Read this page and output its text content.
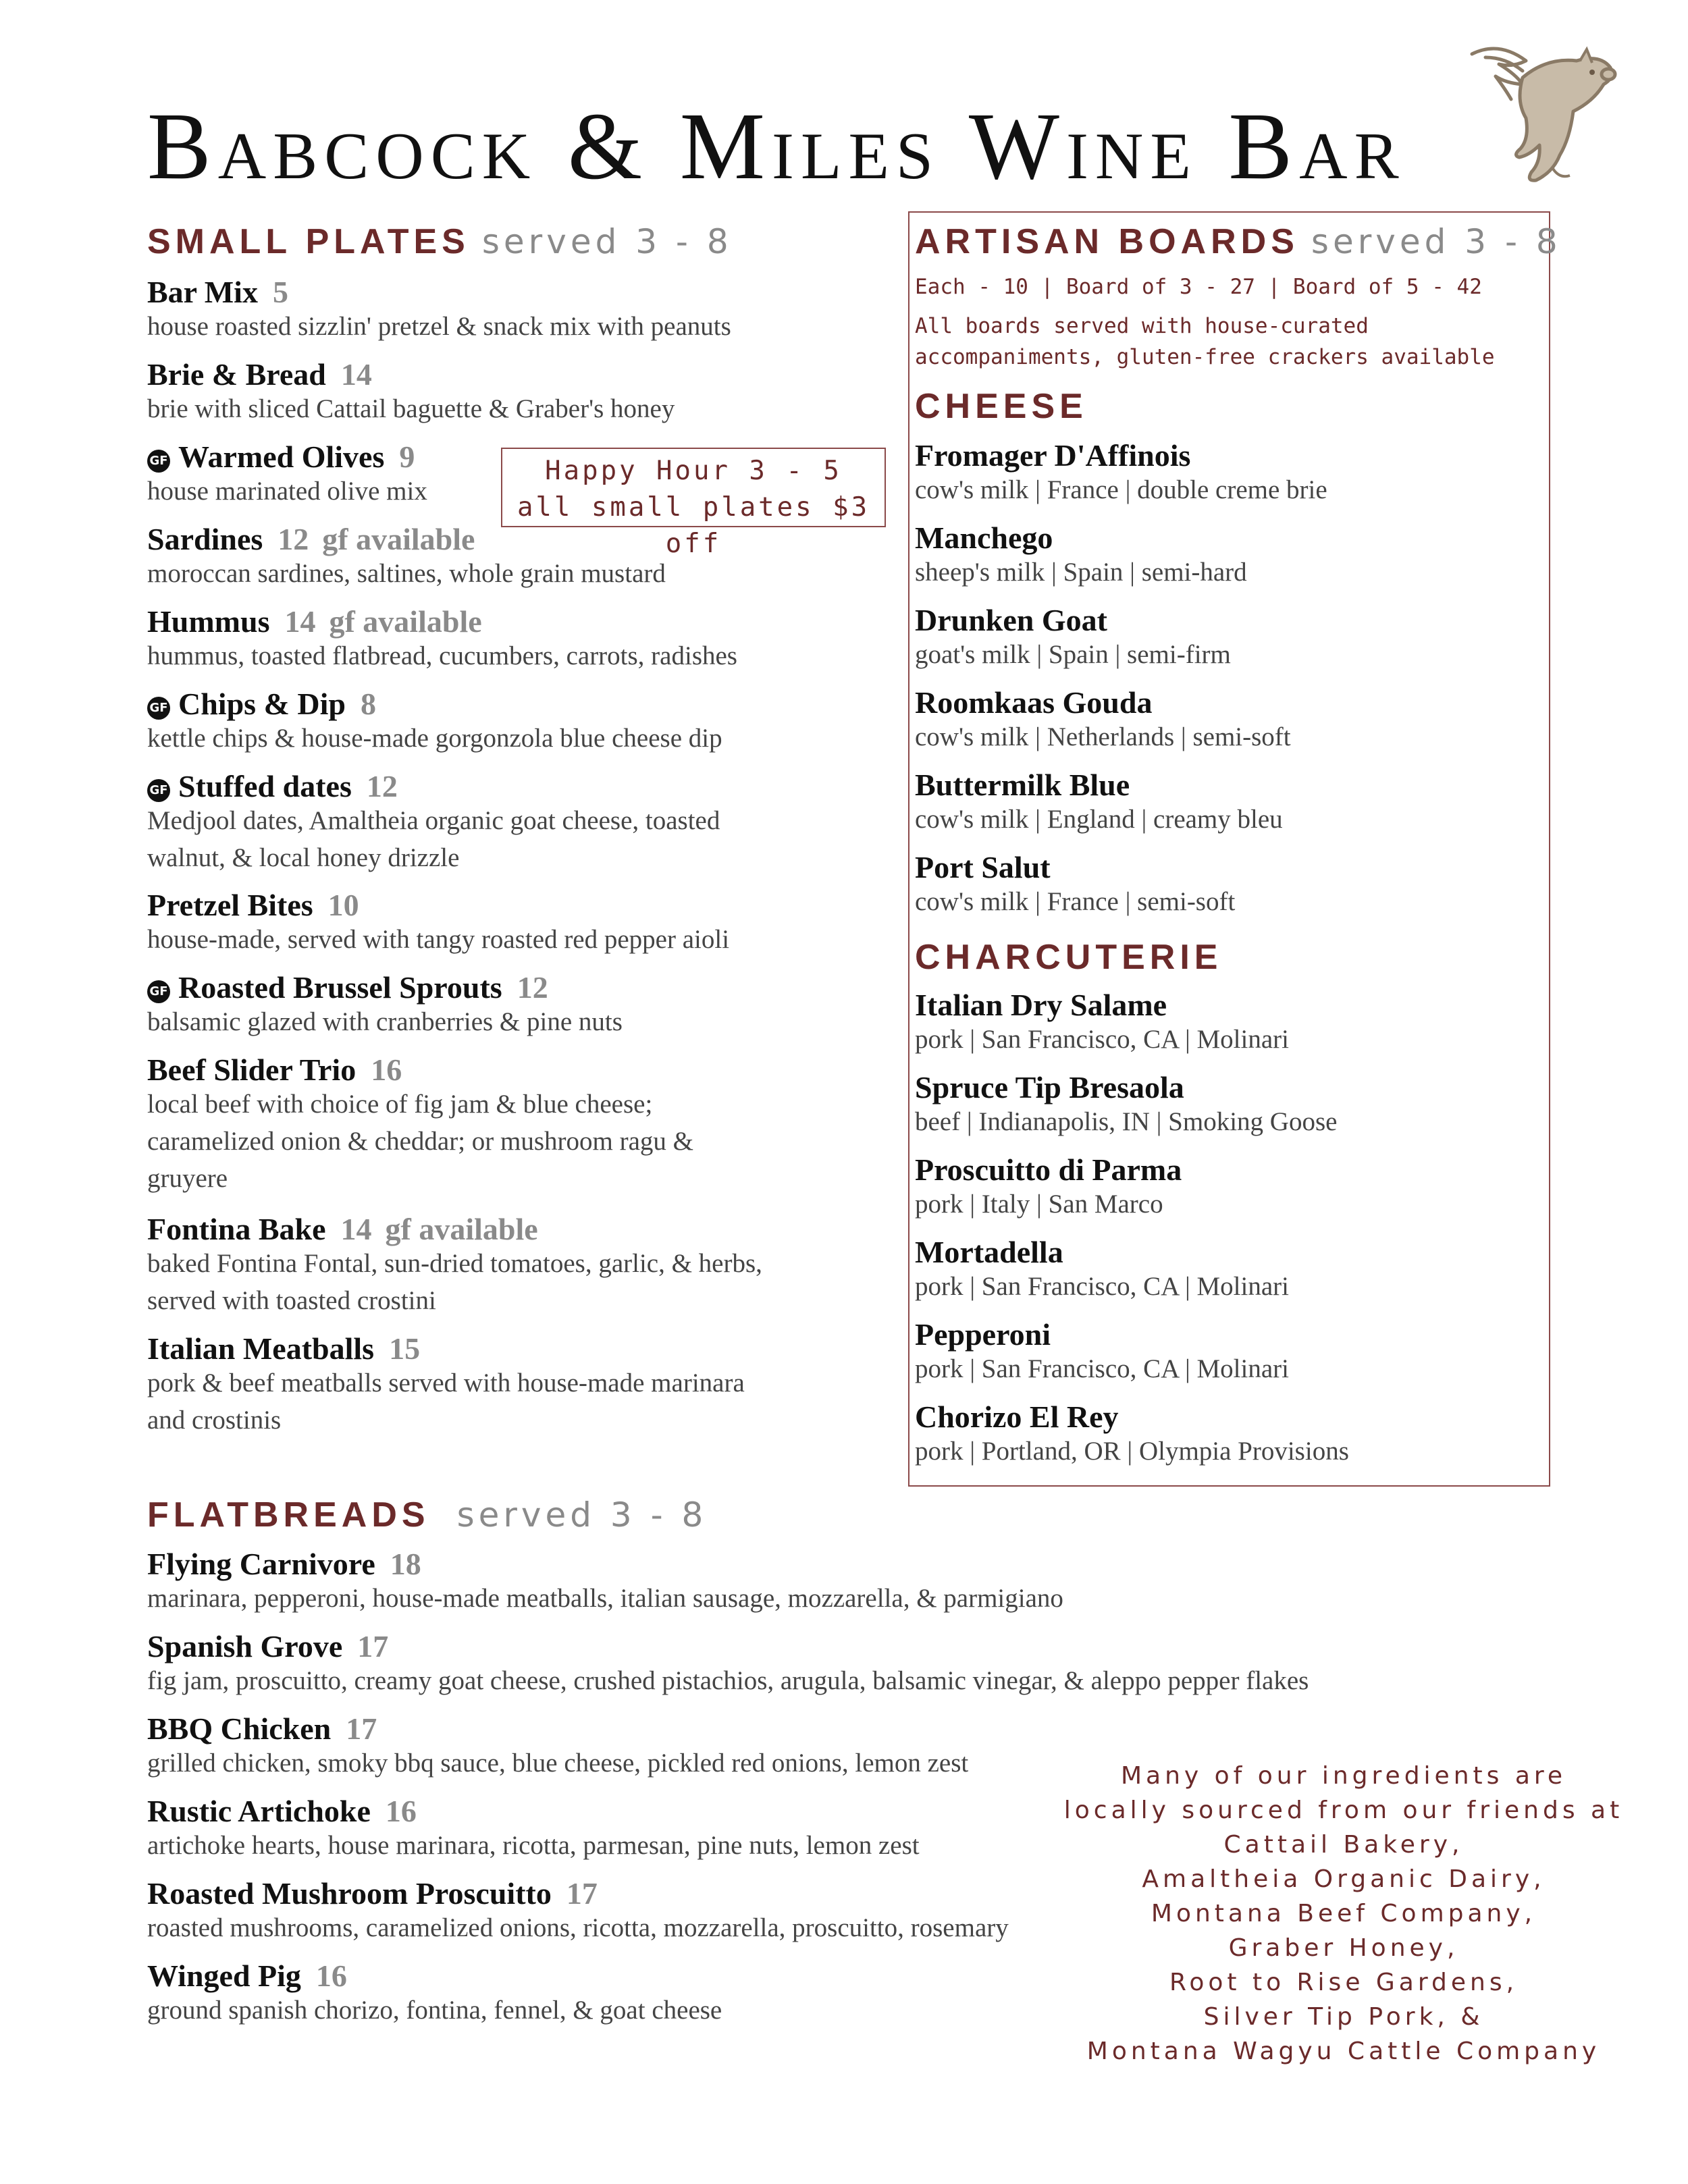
Babcock & Miles Wine Bar
SMALL PLATES served 3 - 8
Bar Mix 5
house roasted sizzlin' pretzel & snack mix with peanuts
Brie & Bread 14
brie with sliced Cattail baguette & Graber's honey
GF Warmed Olives 9
house marinated olive mix
Sardines 12 gf available
moroccan sardines, saltines, whole grain mustard
Hummus 14 gf available
hummus, toasted flatbread, cucumbers, carrots, radishes
GF Chips & Dip 8
kettle chips & house-made gorgonzola blue cheese dip
GF Stuffed dates 12
Medjool dates, Amaltheia organic goat cheese, toasted
walnut, & local honey drizzle
Pretzel Bites 10
house-made, served with tangy roasted red pepper aioli
GF Roasted Brussel Sprouts 12
balsamic glazed with cranberries & pine nuts
Beef Slider Trio 16
local beef with choice of fig jam & blue cheese;
caramelized onion & cheddar; or mushroom ragu &
gruyere
Fontina Bake 14 gf available
baked Fontina Fontal, sun-dried tomatoes, garlic, & herbs,
served with toasted crostini
Italian Meatballs 15
pork & beef meatballs served with house-made marinara
and crostinis
Happy Hour 3 - 5
all small plates $3 off
ARTISAN BOARDS served 3 - 8
Each - 10 | Board of 3 - 27 | Board of 5 - 42
All boards served with house-curated
accompaniments, gluten-free crackers available
CHEESE
Fromager D'Affinois
cow's milk | France | double creme brie
Manchego
sheep's milk | Spain | semi-hard
Drunken Goat
goat's milk | Spain | semi-firm
Roomkaas Gouda
cow's milk | Netherlands | semi-soft
Buttermilk Blue
cow's milk | England | creamy bleu
Port Salut
cow's milk | France | semi-soft
CHARCUTERIE
Italian Dry Salame
pork | San Francisco, CA | Molinari
Spruce Tip Bresaola
beef | Indianapolis, IN | Smoking Goose
Proscuitto di Parma
pork | Italy | San Marco
Mortadella
pork | San Francisco, CA | Molinari
Pepperoni
pork | San Francisco, CA | Molinari
Chorizo El Rey
pork | Portland, OR | Olympia Provisions
FLATBREADS served 3 - 8
Flying Carnivore 18
marinara, pepperoni, house-made meatballs, italian sausage, mozzarella, & parmigiano
Spanish Grove 17
fig jam, proscuitto, creamy goat cheese, crushed pistachios, arugula, balsamic vinegar, & aleppo pepper flakes
BBQ Chicken 17
grilled chicken, smoky bbq sauce, blue cheese, pickled red onions, lemon zest
Rustic Artichoke 16
artichoke hearts, house marinara, ricotta, parmesan, pine nuts, lemon zest
Roasted Mushroom Proscuitto 17
roasted mushrooms, caramelized onions, ricotta, mozzarella, proscuitto, rosemary
Winged Pig 16
ground spanish chorizo, fontina, fennel, & goat cheese
Many of our ingredients are
locally sourced from our friends at
Cattail Bakery,
Amaltheia Organic Dairy,
Montana Beef Company,
Graber Honey,
Root to Rise Gardens,
Silver Tip Pork, &
Montana Wagyu Cattle Company
